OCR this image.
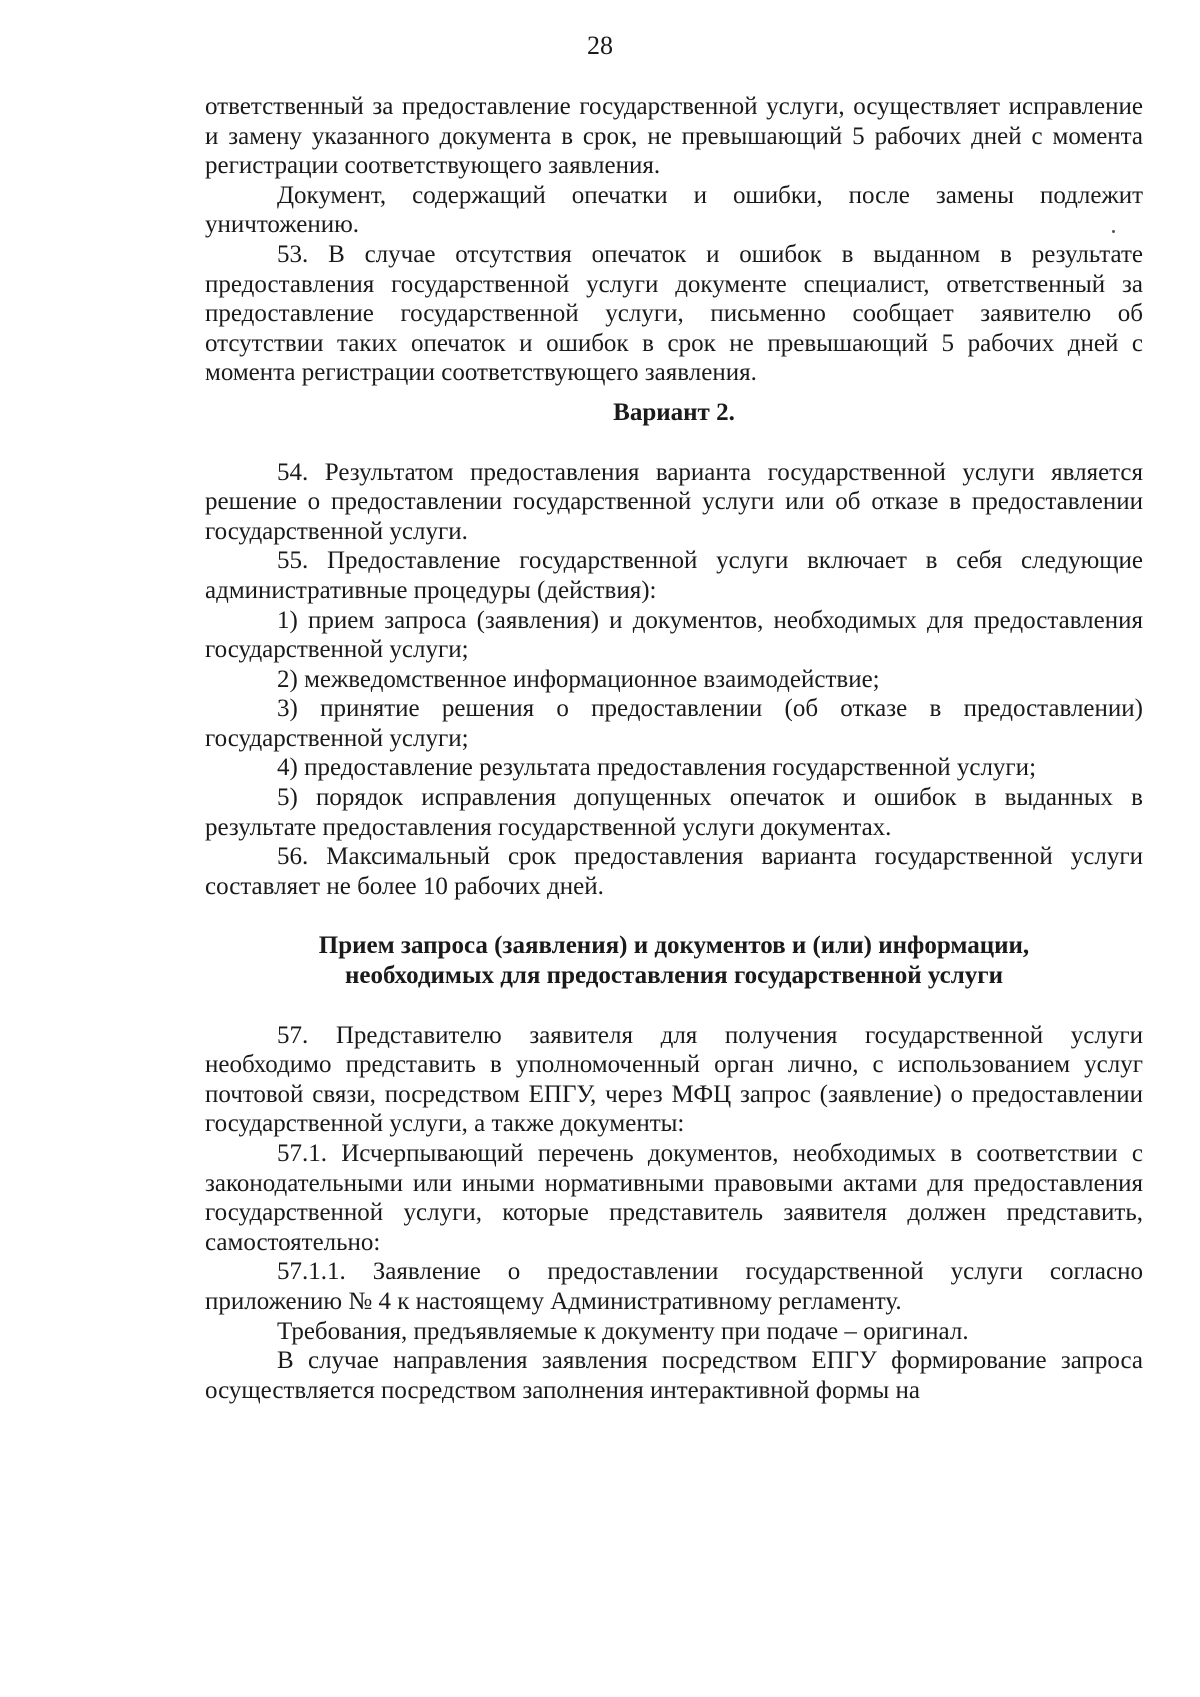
28

ответственный за предоставление государственной услуги, осуществляет исправление и замену указанного документа в срок, не превышающий 5 рабочих дней с момента регистрации соответствующего заявления.

Документ, содержащий опечатки и ошибки, после замены подлежит уничтожению.

53. В случае отсутствия опечаток и ошибок в выданном в результате предоставления государственной услуги документе специалист, ответственный за предоставление государственной услуги, письменно сообщает заявителю об отсутствии таких опечаток и ошибок в срок не превышающий 5 рабочих дней с момента регистрации соответствующего заявления.

Вариант 2.

54. Результатом предоставления варианта государственной услуги является решение о предоставлении государственной услуги или об отказе в предоставлении государственной услуги.

55. Предоставление государственной услуги включает в себя следующие административные процедуры (действия):

1) прием запроса (заявления) и документов, необходимых для предоставления государственной услуги;

2) межведомственное информационное взаимодействие;

3) принятие решения о предоставлении (об отказе в предоставлении) государственной услуги;

4) предоставление результата предоставления государственной услуги;

5) порядок исправления допущенных опечаток и ошибок в выданных в результате предоставления государственной услуги документах.

56. Максимальный срок предоставления варианта государственной услуги составляет не более 10 рабочих дней.

Прием запроса (заявления) и документов и (или) информации,

необходимых для предоставления государственной услуги

57. Представителю заявителя для получения государственной услуги необходимо представить в уполномоченный орган лично, с использованием услуг почтовой связи, посредством ЕПГУ, через МФЦ запрос (заявление) о предоставлении государственной услуги, а также документы:

57.1. Исчерпывающий перечень документов, необходимых в соответствии с законодательными или иными нормативными правовыми актами для предоставления государственной услуги, которые представитель заявителя должен представить, самостоятельно:

57.1.1. Заявление о предоставлении государственной услуги согласно приложению № 4 к настоящему Административному регламенту.

Требования, предъявляемые к документу при подаче – оригинал.

В случае направления заявления посредством ЕПГУ формирование запроса осуществляется посредством заполнения интерактивной формы на
